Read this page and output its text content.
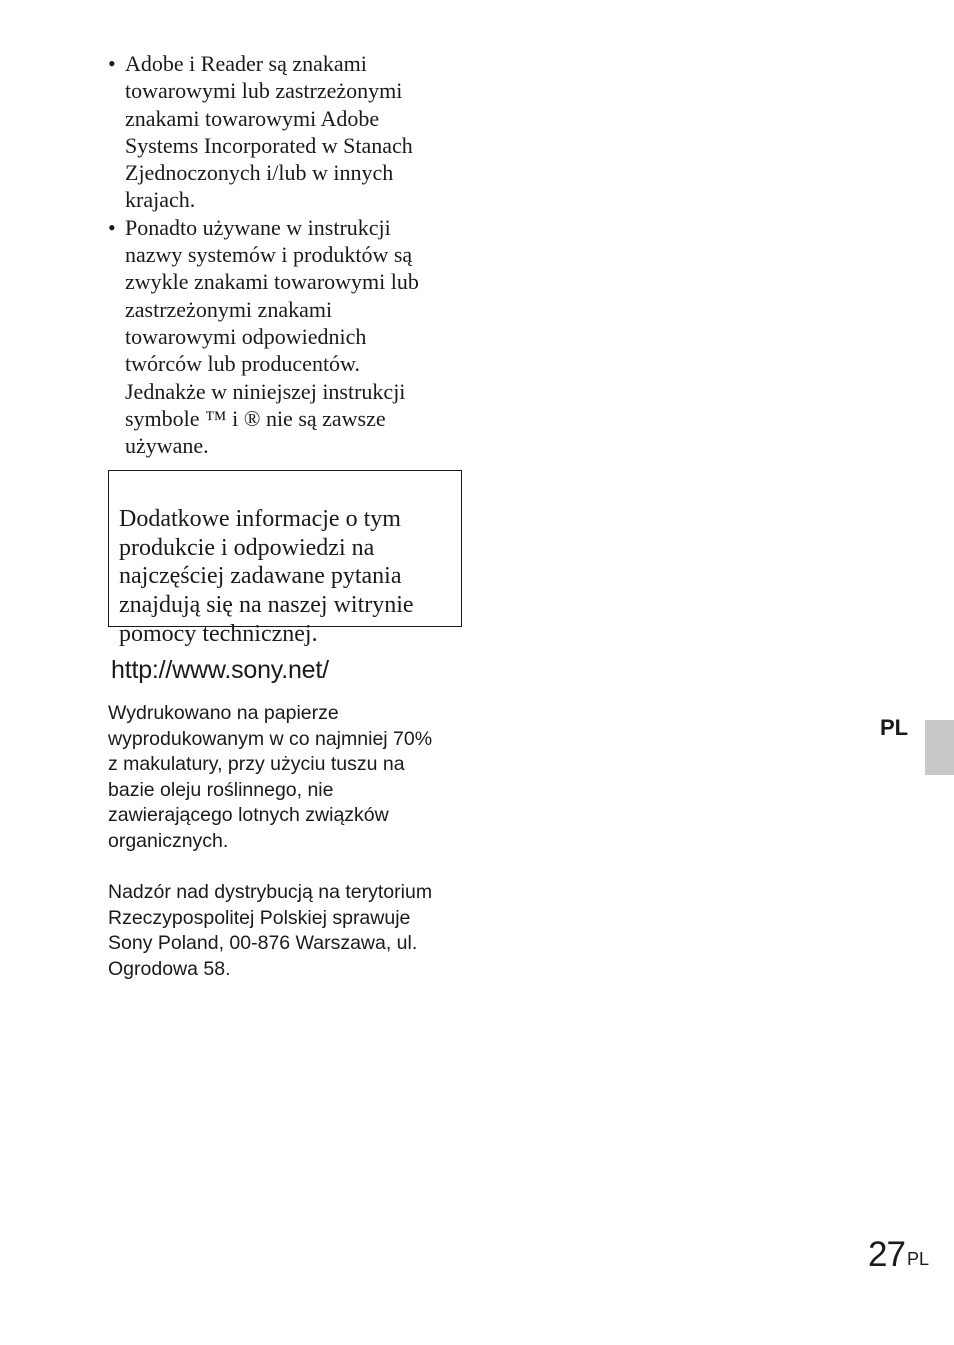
• Adobe i Reader są znakami
towarowymi lub zastrzeżonymi
znakami towarowymi Adobe
Systems Incorporated w Stanach
Zjednoczonych i/lub w innych
krajach.
• Ponadto używane w instrukcji
nazwy systemów i produktów są
zwykle znakami towarowymi lub
zastrzeżonymi znakami
towarowymi odpowiednich
twórców lub producentów.
Jednakże w niniejszej instrukcji
symbole ™ i ® nie są zawsze
używane.

Dodatkowe informacje o tym
produkcie i odpowiedzi na
najczęściej zadawane pytania
znajdują się na naszej witrynie
pomocy technicznej.

http://www.sony.net/
Wydrukowano na papierze
wyprodukowanym w co najmniej 70%
z makulatury, przy użyciu tuszu na
bazie oleju roślinnego, nie
zawierającego lotnych związków
organicznych.
Nadzór nad dystrybucją na terytorium
Rzeczypospolitej Polskiej sprawuje
Sony Poland, 00-876 Warszawa, ul.
Ogrodowa 58.
PL
27 $^{PL}$
